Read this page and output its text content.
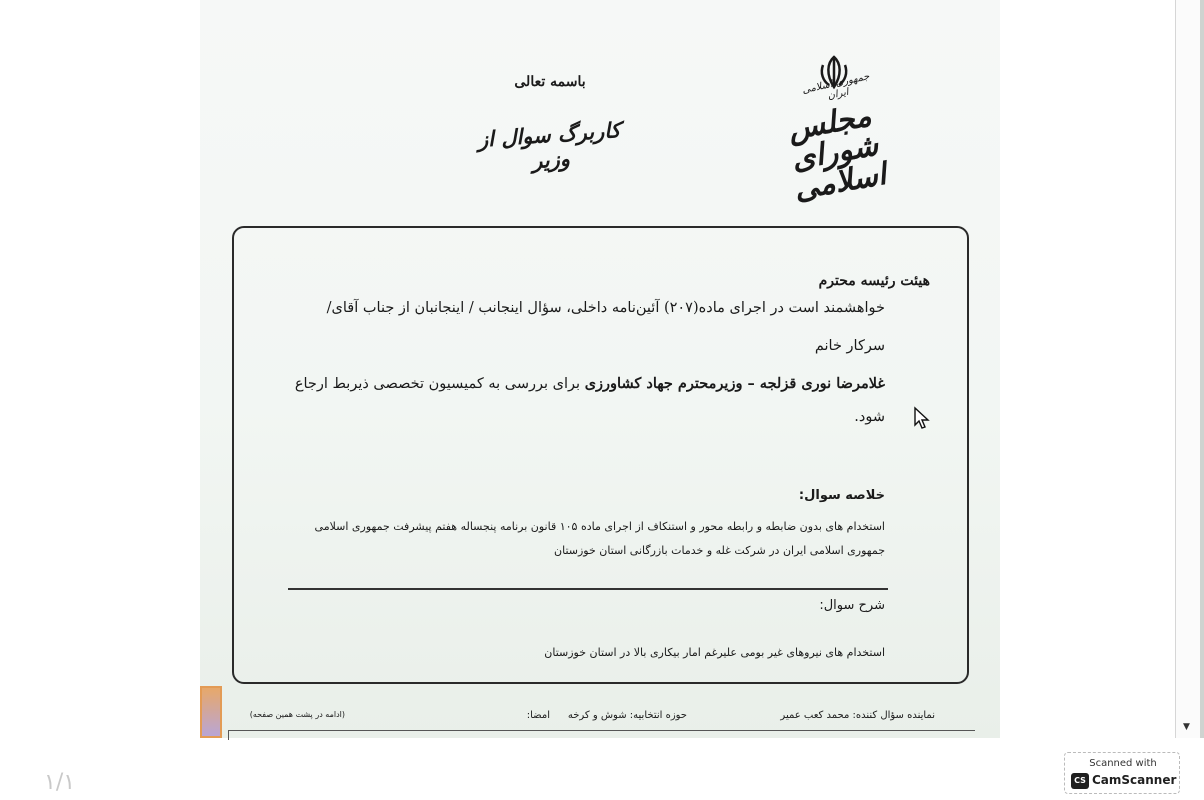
جمهوری اسلامی ایران
مجلس شورای اسلامی
باسمه تعالی
کاربرگ سوال از وزیر
هیئت رئیسه محترم
خواهشمند است در اجرای ماده(۲۰۷) آئین‌نامه داخلی، سؤال اینجانب / اینجانبان از جناب آقای/
سرکار خانم
غلامرضا نوری قزلجه – وزیرمحترم جهاد کشاورزی برای بررسی به کمیسیون تخصصی ذیربط ارجاع
شود.
خلاصه سوال:
استخدام های بدون ضابطه و رابطه محور و استنکاف از اجرای ماده ۱۰۵ قانون برنامه پنجساله هفتم پیشرفت جمهوری اسلامی
جمهوری اسلامی ایران در شرکت غله و خدمات بازرگانی استان خوزستان
شرح سوال:
استخدام های نیروهای غیر بومی علیرغم امار بیکاری بالا در استان خوزستان
نماینده سؤال کننده: محمد کعب عمیر
حوزه انتخابیه: شوش و کرخه
امضا:
(ادامه در پشت همین صفحه)
▼
۱/۱
Scanned with
CS CamScanner
